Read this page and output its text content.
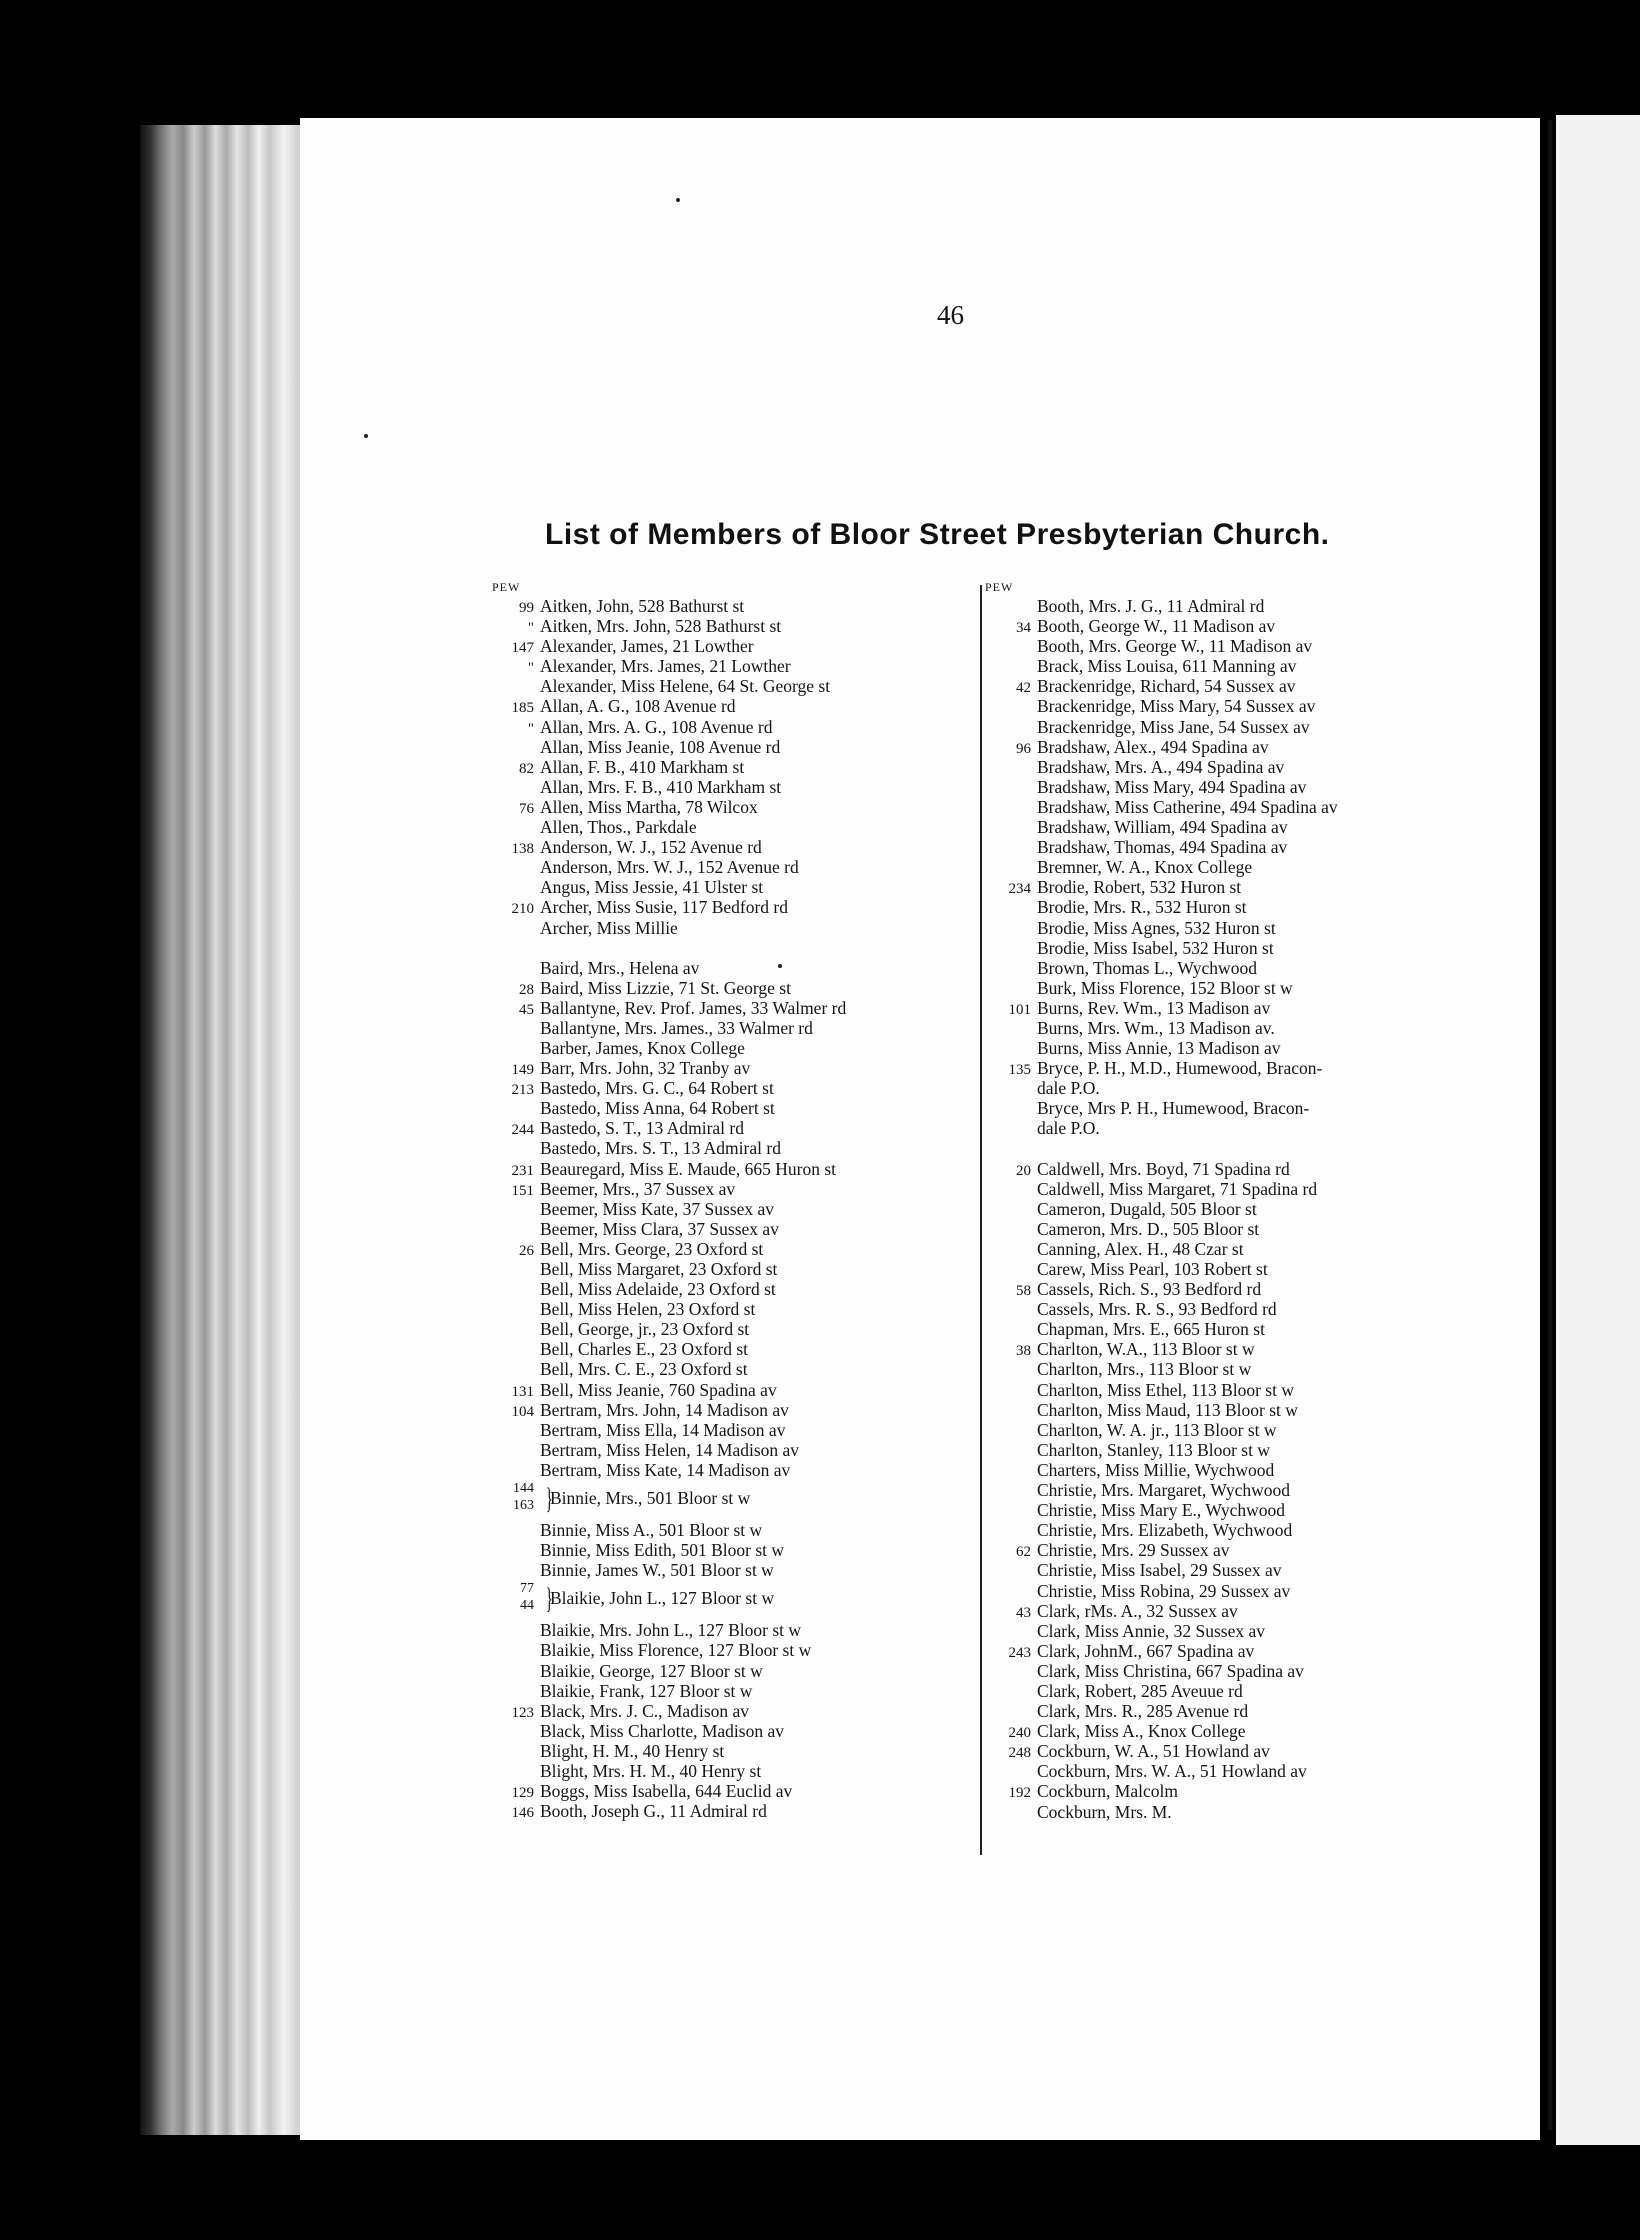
46
List of Members of Bloor Street Presbyterian Church.
PEW
99 Aitken, John, 528 Bathurst st
" Aitken, Mrs. John, 528 Bathurst st
147 Alexander, James, 21 Lowther
" Alexander, Mrs. James, 21 Lowther
Alexander, Miss Helene, 64 St. George st
185 Allan, A. G., 108 Avenue rd
" Allan, Mrs. A. G., 108 Avenue rd
Allan, Miss Jeanie, 108 Avenue rd
82 Allan, F. B., 410 Markham st
Allan, Mrs. F. B., 410 Markham st
76 Allen, Miss Martha, 78 Wilcox
Allen, Thos., Parkdale
138 Anderson, W. J., 152 Avenue rd
Anderson, Mrs. W. J., 152 Avenue rd
Angus, Miss Jessie, 41 Ulster st
210 Archer, Miss Susie, 117 Bedford rd
Archer, Miss Millie
Baird, Mrs., Helena av
28 Baird, Miss Lizzie, 71 St. George st
45 Ballantyne, Rev. Prof. James, 33 Walmer rd
Ballantyne, Mrs. James., 33 Walmer rd
Barber, James, Knox College
149 Barr, Mrs. John, 32 Tranby av
213 Bastedo, Mrs. G. C., 64 Robert st
Bastedo, Miss Anna, 64 Robert st
244 Bastedo, S. T., 13 Admiral rd
Bastedo, Mrs. S. T., 13 Admiral rd
231 Beauregard, Miss E. Maude, 665 Huron st
151 Beemer, Mrs., 37 Sussex av
Beemer, Miss Kate, 37 Sussex av
Beemer, Miss Clara, 37 Sussex av
26 Bell, Mrs. George, 23 Oxford st
Bell, Miss Margaret, 23 Oxford st
Bell, Miss Adelaide, 23 Oxford st
Bell, Miss Helen, 23 Oxford st
Bell, George, jr., 23 Oxford st
Bell, Charles E., 23 Oxford st
Bell, Mrs. C. E., 23 Oxford st
131 Bell, Miss Jeanie, 760 Spadina av
104 Bertram, Mrs. John, 14 Madison av
Bertram, Miss Ella, 14 Madison av
Bertram, Miss Helen, 14 Madison av
Bertram, Miss Kate, 14 Madison av
144
163 }
Binnie, Mrs., 501 Bloor st w
Binnie, Miss A., 501 Bloor st w
Binnie, Miss Edith, 501 Bloor st w
Binnie, James W., 501 Bloor st w
77
44 }
Blaikie, John L., 127 Bloor st w
Blaikie, Mrs. John L., 127 Bloor st w
Blaikie, Miss Florence, 127 Bloor st w
Blaikie, George, 127 Bloor st w
Blaikie, Frank, 127 Bloor st w
123 Black, Mrs. J. C., Madison av
Black, Miss Charlotte, Madison av
Blight, H. M., 40 Henry st
Blight, Mrs. H. M., 40 Henry st
129 Boggs, Miss Isabella, 644 Euclid av
146 Booth, Joseph G., 11 Admiral rd
PEW
Booth, Mrs. J. G., 11 Admiral rd
34 Booth, George W., 11 Madison av
Booth, Mrs. George W., 11 Madison av
Brack, Miss Louisa, 611 Manning av
42 Brackenridge, Richard, 54 Sussex av
Brackenridge, Miss Mary, 54 Sussex av
Brackenridge, Miss Jane, 54 Sussex av
96 Bradshaw, Alex., 494 Spadina av
Bradshaw, Mrs. A., 494 Spadina av
Bradshaw, Miss Mary, 494 Spadina av
Bradshaw, Miss Catherine, 494 Spadina av
Bradshaw, William, 494 Spadina av
Bradshaw, Thomas, 494 Spadina av
Bremner, W. A., Knox College
234 Brodie, Robert, 532 Huron st
Brodie, Mrs. R., 532 Huron st
Brodie, Miss Agnes, 532 Huron st
Brodie, Miss Isabel, 532 Huron st
Brown, Thomas L., Wychwood
Burk, Miss Florence, 152 Bloor st w
101 Burns, Rev. Wm., 13 Madison av
Burns, Mrs. Wm., 13 Madison av.
Burns, Miss Annie, 13 Madison av
135 Bryce, P. H., M.D., Humewood, Bracon-
dale P.O.
Bryce, Mrs P. H., Humewood, Bracon-
dale P.O.
20 Caldwell, Mrs. Boyd, 71 Spadina rd
Caldwell, Miss Margaret, 71 Spadina rd
Cameron, Dugald, 505 Bloor st
Cameron, Mrs. D., 505 Bloor st
Canning, Alex. H., 48 Czar st
Carew, Miss Pearl, 103 Robert st
58 Cassels, Rich. S., 93 Bedford rd
Cassels, Mrs. R. S., 93 Bedford rd
Chapman, Mrs. E., 665 Huron st
38 Charlton, W.A., 113 Bloor st w
Charlton, Mrs., 113 Bloor st w
Charlton, Miss Ethel, 113 Bloor st w
Charlton, Miss Maud, 113 Bloor st w
Charlton, W. A. jr., 113 Bloor st w
Charlton, Stanley, 113 Bloor st w
Charters, Miss Millie, Wychwood
Christie, Mrs. Margaret, Wychwood
Christie, Miss Mary E., Wychwood
Christie, Mrs. Elizabeth, Wychwood
62 Christie, Mrs. 29 Sussex av
Christie, Miss Isabel, 29 Sussex av
Christie, Miss Robina, 29 Sussex av
43 Clark, rMs. A., 32 Sussex av
Clark, Miss Annie, 32 Sussex av
243 Clark, JohnM., 667 Spadina av
Clark, Miss Christina, 667 Spadina av
Clark, Robert, 285 Aveuue rd
Clark, Mrs. R., 285 Avenue rd
240 Clark, Miss A., Knox College
248 Cockburn, W. A., 51 Howland av
Cockburn, Mrs. W. A., 51 Howland av
192 Cockburn, Malcolm
Cockburn, Mrs. M.
